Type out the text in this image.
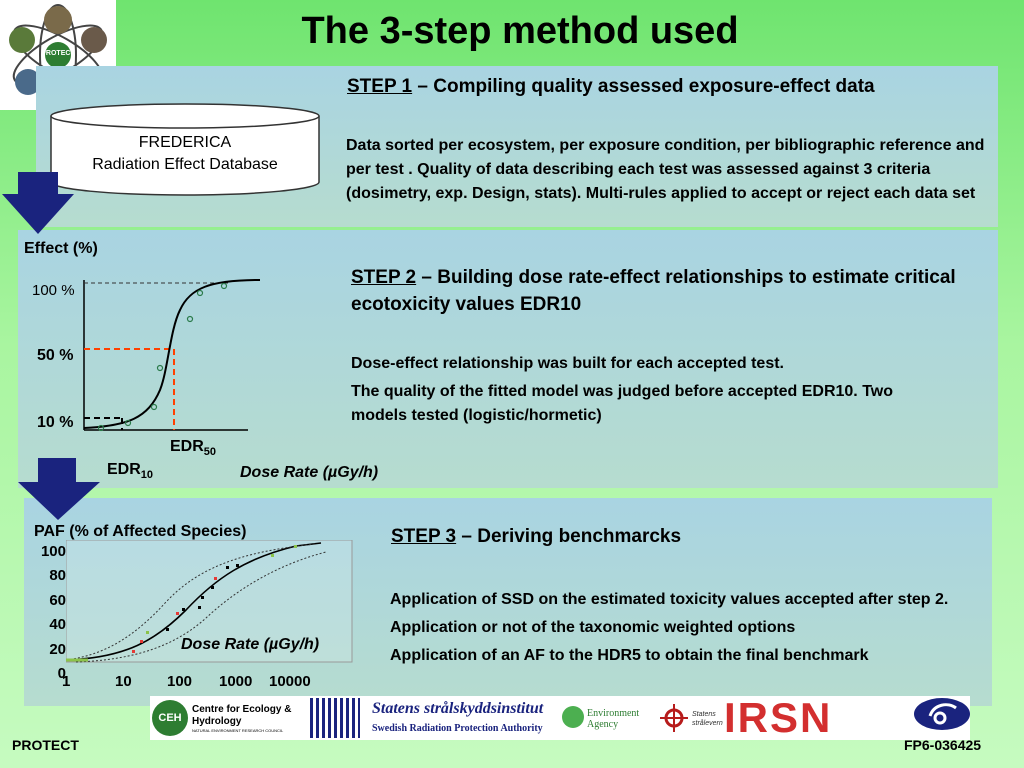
PROTECT
The 3-step method used
FREDERICA
Radiation Effect Database
STEP 1 – Compiling quality assessed exposure-effect data
Data sorted per ecosystem, per exposure condition, per bibliographic reference and per test . Quality of data describing each test was assessed against 3 criteria (dosimetry, exp. Design, stats). Multi-rules applied to accept or reject each data set
Effect (%)
100 %
50 %
10 %
$EDR_{50}$
$EDR_{10}$	Dose Rate (µGy/h)
STEP 2 – Building dose rate-effect relationships to estimate critical ecotoxicity values EDR10

Dose-effect relationship was built for each accepted test.

The quality of the fitted model was judged before accepted EDR10. Two models tested (logistic/hormetic)

PAF (% of Affected Species)
100
80
60
40
20
0
Dose Rate (µGy/h)
1	10 100 1000 10000
STEP 3 – Deriving benchmarcks

Application of SSD on the estimated toxicity values accepted after step 2.

Application or not of the taxonomic weighted options

Application of an AF to the HDR5 to obtain the final benchmark

CEH
Centre for Ecology & Hydrology
NATURAL ENVIRONMENT RESEARCH COUNCIL
Statens strålskyddsinstitut
Swedish Radiation Protection Authority
Environment
Agency
Statens
strålevern IRSN
PROTECT	FP6-036425
